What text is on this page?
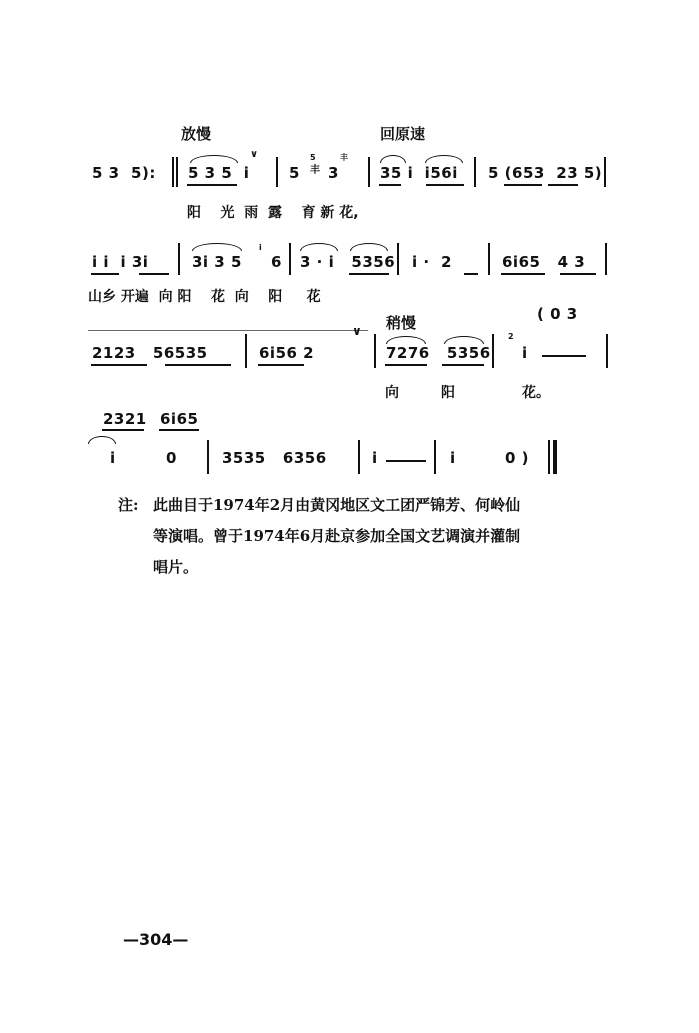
放慢	回原速
5 3  5): 5 3 5  i
∨
5
5
丰 3
丰
35 i  i56i 5 (653  23 5)
阳    光  雨  露    育 新 花,
i i  i 3i	3i 3 5
i
6 3 · i   5356 i ·  2	6i65   4 3
山乡 开遍  向 阳    花  向    阳     花
稍慢	( 0 3
2123   56535	6i56 2
∨
7276   5356
2
i
向	阳	花。
2321 6i65
i	0	3535   6356	i	i	0 )
注: 此曲目于1974年2月由黄冈地区文工团严锦芳、何岭仙
等演唱。曾于1974年6月赴京参加全国文艺调演并灌制
唱片。
—304—
